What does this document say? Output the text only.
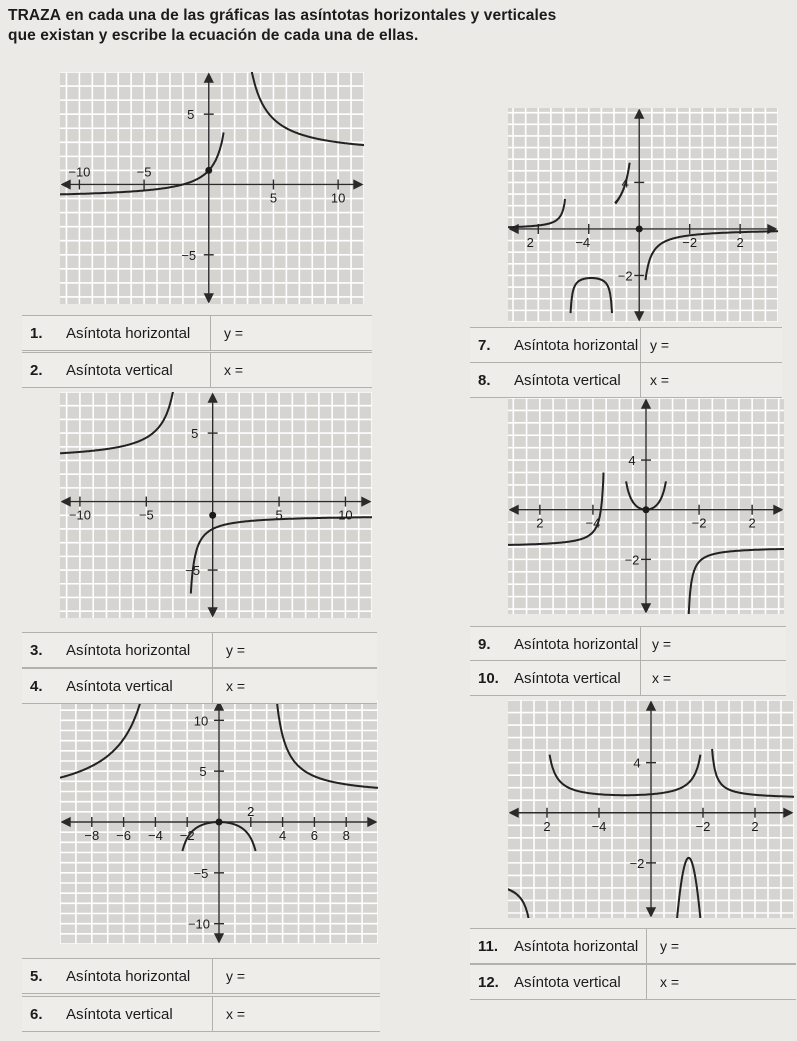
TRAZA en cada una de las gráficas las asíntotas horizontales y verticales que existan y escribe la ecuación de cada una de ellas.
5
−10	−5
5	10
−5
5
−10	−5	5	10
−5
10
5
−8 −6 −4 −2
2
4 6 8
−5
−10
2	−4	−2	2
4
−2
2	−4	−2	2
4
−2
2	−4	−2	2
4
−2
1.	Asíntota horizontal y =
2.	Asíntota vertical	x =
3.	Asíntota horizontal	y =
4.	Asíntota vertical	x =
5.	Asíntota horizontal	y =
6.	Asíntota vertical	x =
7.	Asíntota horizontal y =
8.	Asíntota vertical x =
9.	Asíntota horizontal y =
10.	Asíntota vertical x =
11.	Asíntota horizontal y =
12.	Asíntota vertical	x =
